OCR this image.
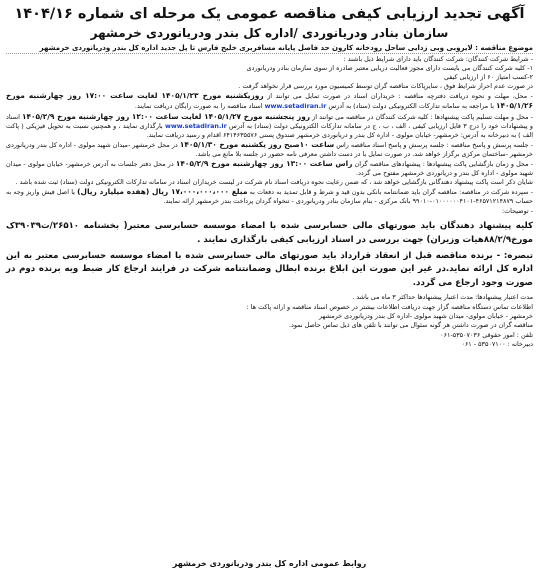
آگهی تجدید ارزیابی کیفی مناقصه عمومی یک مرحله ای شماره ۱۴۰۴/۱۶
سازمان بنادر ودریانوردی /اداره کل بندر ودریانوردی خرمشهر
موضوع مناقصه : لایروبی وبی زدایی ساحل رودخانه کارون حد فاصل پایانه مسافربری خلیج فارس تا پل جدید اداره کل بندر ودریانوردی خرمشهر

- شرایط شرکت کنندگان: شرکت کنندگان باید دارای شرایط ذیل باشند :

۱- کلیه شرکت کنندگان می بایست دارای مجوز فعالیت دریایی معتبر صادره از سوی سازمان بنادر ودریانوردی

۲-کسب امتیاز ۶۰ از ارزیابی کیفی

در صورت عدم احراز شرایط فوق ، سایرپاکات مناقصه گران توسط کمیسیون مورد بررسی قرار نخواهد گرفت .

- محل، مهلت و نحوه دریافت دفترچه مناقصه : خریداران اسناد در صورت تمایل می توانند از روزیکشنبه مورخ ۱۴۰۵/۱/۲۳ لغایت ساعت ۱۷:۰۰ روز چهارشنبه مورخ ۱۴۰۵/۱/۲۶ با مراجعه به سامانه تدارکات الکترونیکی دولت (ستاد) به آدرس www.setadiran.ir اسناد مناقصه را به صورت رایگان دریافت نمایند.

- محل و مهلت تسلیم پاکت پیشنهادها : کلیه شرکت کنندگان در مناقصه می توانند از روز پنجشنبه مورخ ۱۴۰۵/۱/۲۷ لغایت ساعت ۱۲:۰۰ روز چهارشنبه مورخ ۱۴۰۵/۲/۹ اسناد و پیشنهادات خود را درج ۳ فایل ارزیابی کیفی ، الف ، ب ، ج در سامانه تدارکات الکترونیکی دولت (ستاد) به آدرس www.setadiran.ir بارگذاری نمایند ، و همچنین نسبت به تحویل فیزیکی ( پاکت الف ) به دبیرخانه به آدرس: خرمشهر- خیابان مولوی - اداره کل بندر و دریانوردی خرمشهر صندوق پستی ۶۴۱۴۶۳۵۵۷۶ اقدام و رسید دریافت نمایند.

- جلسه پرسش و پاسخ مناقصه : جلسه پرسش و پاسخ اسناد مناقصه راس ساعت ۱۰صبح روز یکشنبه مورخ ۱۴۰۵/۱/۳۰ در محل خرمشهر -میدان شهید مولوی - اداره کل بندر ودریانوردی خرمشهر -ساختمان مرکزی برگزار خواهد شد. در صورت تمایل با در دست داشتن معرفی نامه حضور در جلسه بلا مانع می باشد.

- محل و زمان بازگشایی پاکت پیشنهادها : پیشنهادهای مناقصه گران راس ساعت ۱۳:۰۰ روز چهارشنبه مورخ ۱۴۰۵/۲/۹ در محل دفتر جلسات به آدرس خرمشهر- خیابان مولوی - میدان شهید مولوی - اداره کل بندر و دریانوردی خرمشهر مفتوح می گردد.

شایان ذکر است پاکت پیشنهاد دهندگانی بازگشایی خواهد شد ، که ضمن رعایت نحوه دریافت اسناد نام شرکت در لیست خریداران اسناد در سامانه تدارکات الکترونیکی دولت (ستاد) ثبت شده باشد .

- سپرده شرکت در مناقصه: مناقصه گران باید ضمانتنامه بانکی بدون قید و شرط و قابل تمدید به دفعات به مبلغ ۱۷،۰۰۰،۰۰۰،۰۰۰ ریال (هفده میلیارد ریال) یا اصل فیش واریز وجه به حساب ۴۶۵۷۱۲۱۴۸۷۹-۰۱۰۰۰۰۰۰۴۱۰۱-۹۹۰۱۰ بانک مرکزی - بنام سازمان بنادر ودریانوردی - تنخواه گردان پرداخت بندر خرمشهر ارائه نمایند.

- توضیحات:

کلیه پیشنهاد دهندگان باید صورتهای مالی حسابرسی شده با امضاء موسسه حسابرسی معتبر( بخشنامه ۲۶۵۱۰/ت۳۹۰۳۹ک مورخ۸۸/۲/۹هیات وزیران) جهت بررسی در اسناد ارزیابی کیفی بارگذاری نمایند .

تبصره: - برنده مناقصه قبل از انعقاد قرارداد باید صورتهای مالی حسابرسی شده با امضاء موسسه حسابرسی معتبر به این اداره کل ارائه نماید.در غیر این صورت این ابلاغ برنده ابطال وضمانتنامه شرکت در فرایند ارجاع کار ضبط وبه برنده دوم در صورت وجود ارجاع می گردد.

مدت اعتبار پیشنهادها: مدت اعتبار پیشنهادها حداکثر ۳ ماه می باشد .
اطلاعات تماس دستگاه مناقصه گزار جهت دریافت اطلاعات بیشتر در خصوص اسناد مناقصه و ارائه پاکت ها :
خرمشهر - خیابان مولوی- میدان شهید مولوی -اداره کل بندر ودریانوردی خرمشهر
مناقصه گران در صورت داشتن هر گونه سئوال می توانند با تلفن های ذیل تماس حاصل نمود.
تلفن : امور حقوقی ۵۳۵۰۷۰۳۶-۰۶۱
دبیرخانه : ۵۳۵۰۷۱۰۰ - ۰۶۱
روابط عمومی اداره کل بندر ودریانوردی خرمشهر
